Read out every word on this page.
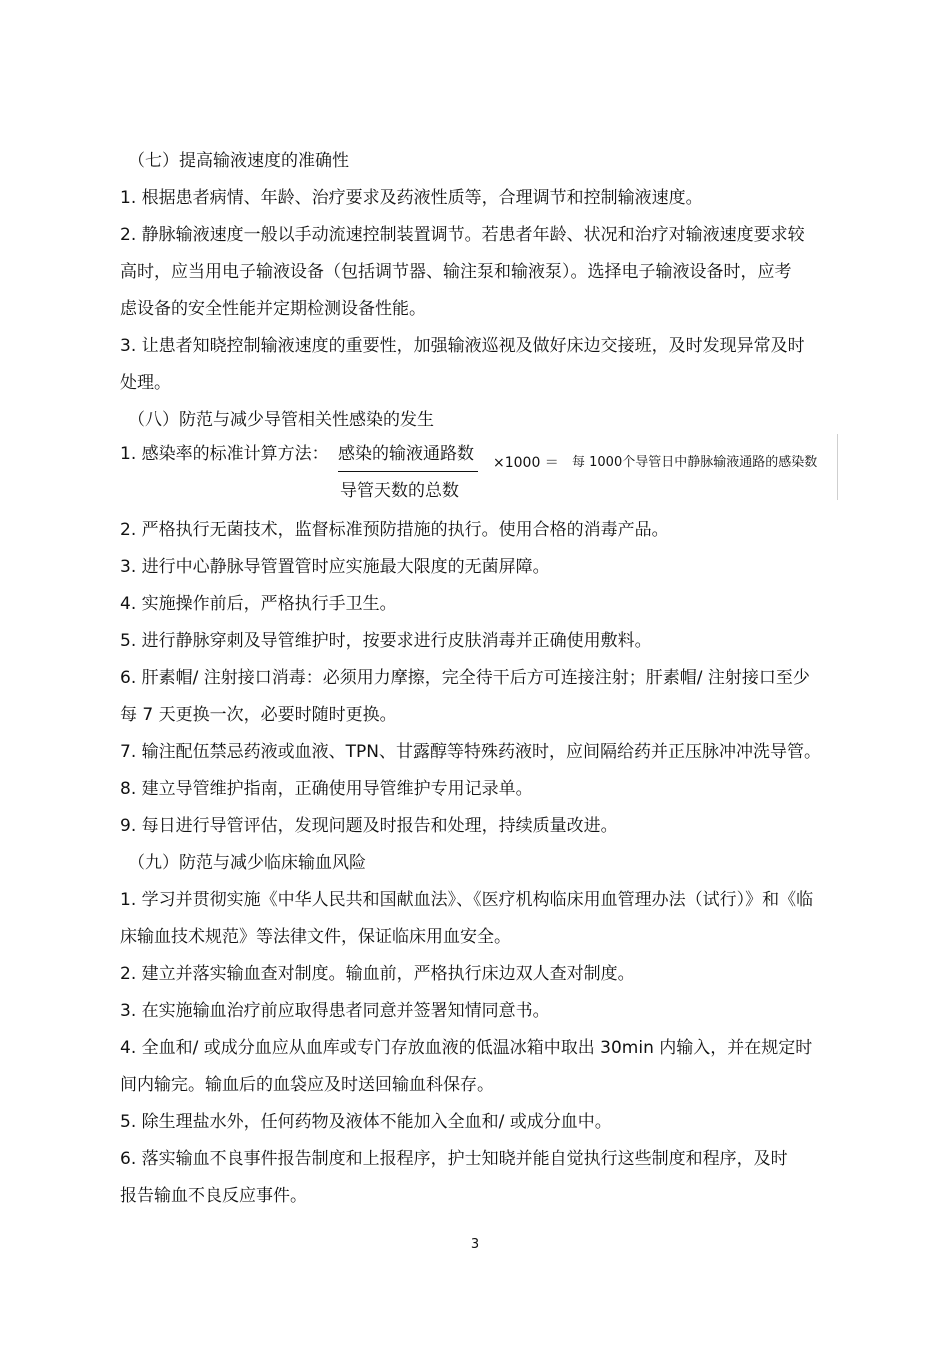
（七）提高输液速度的准确性
1. 根据患者病情、年龄、治疗要求及药液性质等，合理调节和控制输液速度。
2. 静脉输液速度一般以手动流速控制装置调节。若患者年龄、状况和治疗对输液速度要求较
高时，应当用电子输液设备（包括调节器、输注泵和输液泵）。选择电子输液设备时，应考
虑设备的安全性能并定期检测设备性能。
3. 让患者知晓控制输液速度的重要性，加强输液巡视及做好床边交接班，及时发现异常及时
处理。
（八）防范与减少导管相关性感染的发生
1. 感染率的标准计算方法： 感染的输液通路数
导管天数的总数
×1000 ＝ 每 1000个导管日中静脉输液通路的感染数
2. 严格执行无菌技术，监督标准预防措施的执行。使用合格的消毒产品。
3. 进行中心静脉导管置管时应实施最大限度的无菌屏障。
4. 实施操作前后，严格执行手卫生。
5. 进行静脉穿刺及导管维护时，按要求进行皮肤消毒并正确使用敷料。
6. 肝素帽/ 注射接口消毒：必须用力摩擦，完全待干后方可连接注射；肝素帽/ 注射接口至少
每 7 天更换一次，必要时随时更换。
7. 输注配伍禁忌药液或血液、TPN、甘露醇等特殊药液时，应间隔给药并正压脉冲冲洗导管。
8. 建立导管维护指南，正确使用导管维护专用记录单。
9. 每日进行导管评估，发现问题及时报告和处理，持续质量改进。
（九）防范与减少临床输血风险
1. 学习并贯彻实施《中华人民共和国献血法》、《医疗机构临床用血管理办法（试行）》和《临
床输血技术规范》等法律文件，保证临床用血安全。
2. 建立并落实输血查对制度。输血前，严格执行床边双人查对制度。
3. 在实施输血治疗前应取得患者同意并签署知情同意书。
4. 全血和/ 或成分血应从血库或专门存放血液的低温冰箱中取出 30min 内输入，并在规定时
间内输完。输血后的血袋应及时送回输血科保存。
5. 除生理盐水外，任何药物及液体不能加入全血和/ 或成分血中。
6. 落实输血不良事件报告制度和上报程序，护士知晓并能自觉执行这些制度和程序，及时
报告输血不良反应事件。
3
